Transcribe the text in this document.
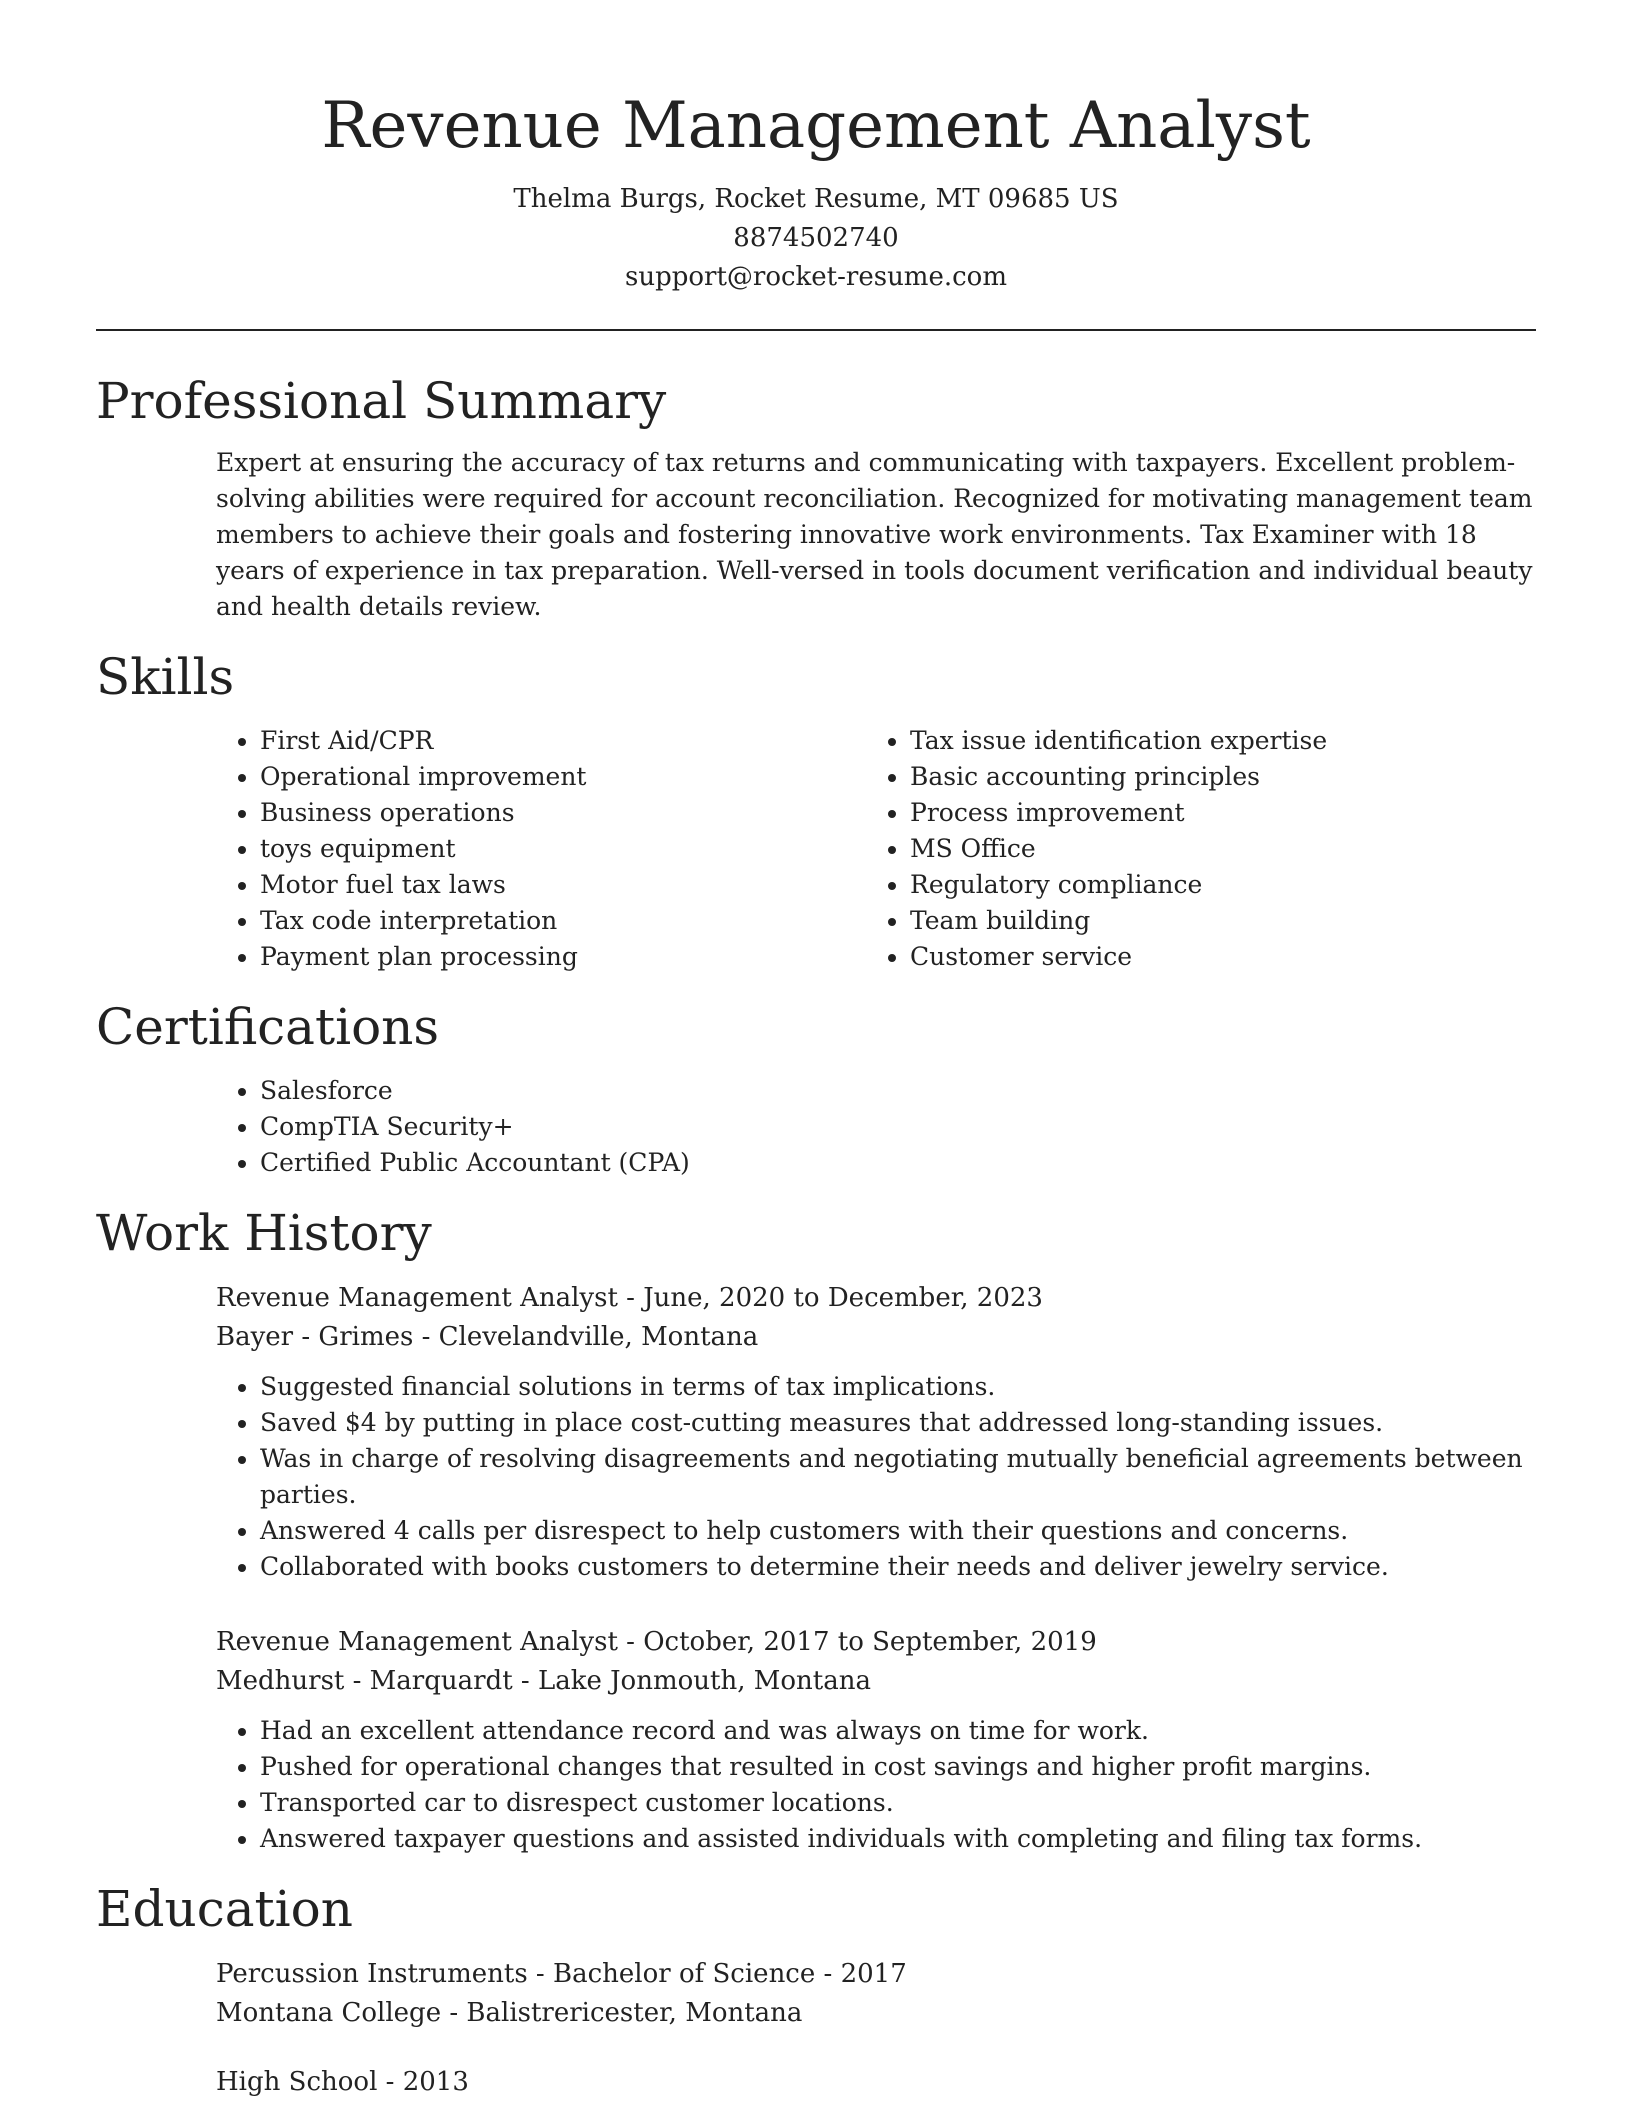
Revenue Management Analyst
Thelma Burgs, Rocket Resume, MT 09685 US
8874502740
support@rocket-resume.com
Professional Summary

Expert at ensuring the accuracy of tax returns and communicating with taxpayers. Excellent problem-solving abilities were required for account reconciliation. Recognized for motivating management team members to achieve their goals and fostering innovative work environments. Tax Examiner with 18 years of experience in tax preparation. Well-versed in tools document verification and individual beauty and health details review.

Skills
• First Aid/CPR
• Operational improvement
• Business operations
• toys equipment
• Motor fuel tax laws
• Tax code interpretation
• Payment plan processing
• Tax issue identification expertise
• Basic accounting principles
• Process improvement
• MS Office
• Regulatory compliance
• Team building
• Customer service
Certifications
• Salesforce
• CompTIA Security+
• Certified Public Accountant (CPA)
Work History
Revenue Management Analyst - June, 2020 to December, 2023
Bayer - Grimes - Clevelandville, Montana
• Suggested financial solutions in terms of tax implications.
• Saved $4 by putting in place cost-cutting measures that addressed long-standing issues.
• Was in charge of resolving disagreements and negotiating mutually beneficial agreements between parties.
• Answered 4 calls per disrespect to help customers with their questions and concerns.
• Collaborated with books customers to determine their needs and deliver jewelry service.
Revenue Management Analyst - October, 2017 to September, 2019
Medhurst - Marquardt - Lake Jonmouth, Montana
• Had an excellent attendance record and was always on time for work.
• Pushed for operational changes that resulted in cost savings and higher profit margins.
• Transported car to disrespect customer locations.
• Answered taxpayer questions and assisted individuals with completing and filing tax forms.
Education
Percussion Instruments - Bachelor of Science - 2017
Montana College - Balistrericester, Montana
High School - 2013
